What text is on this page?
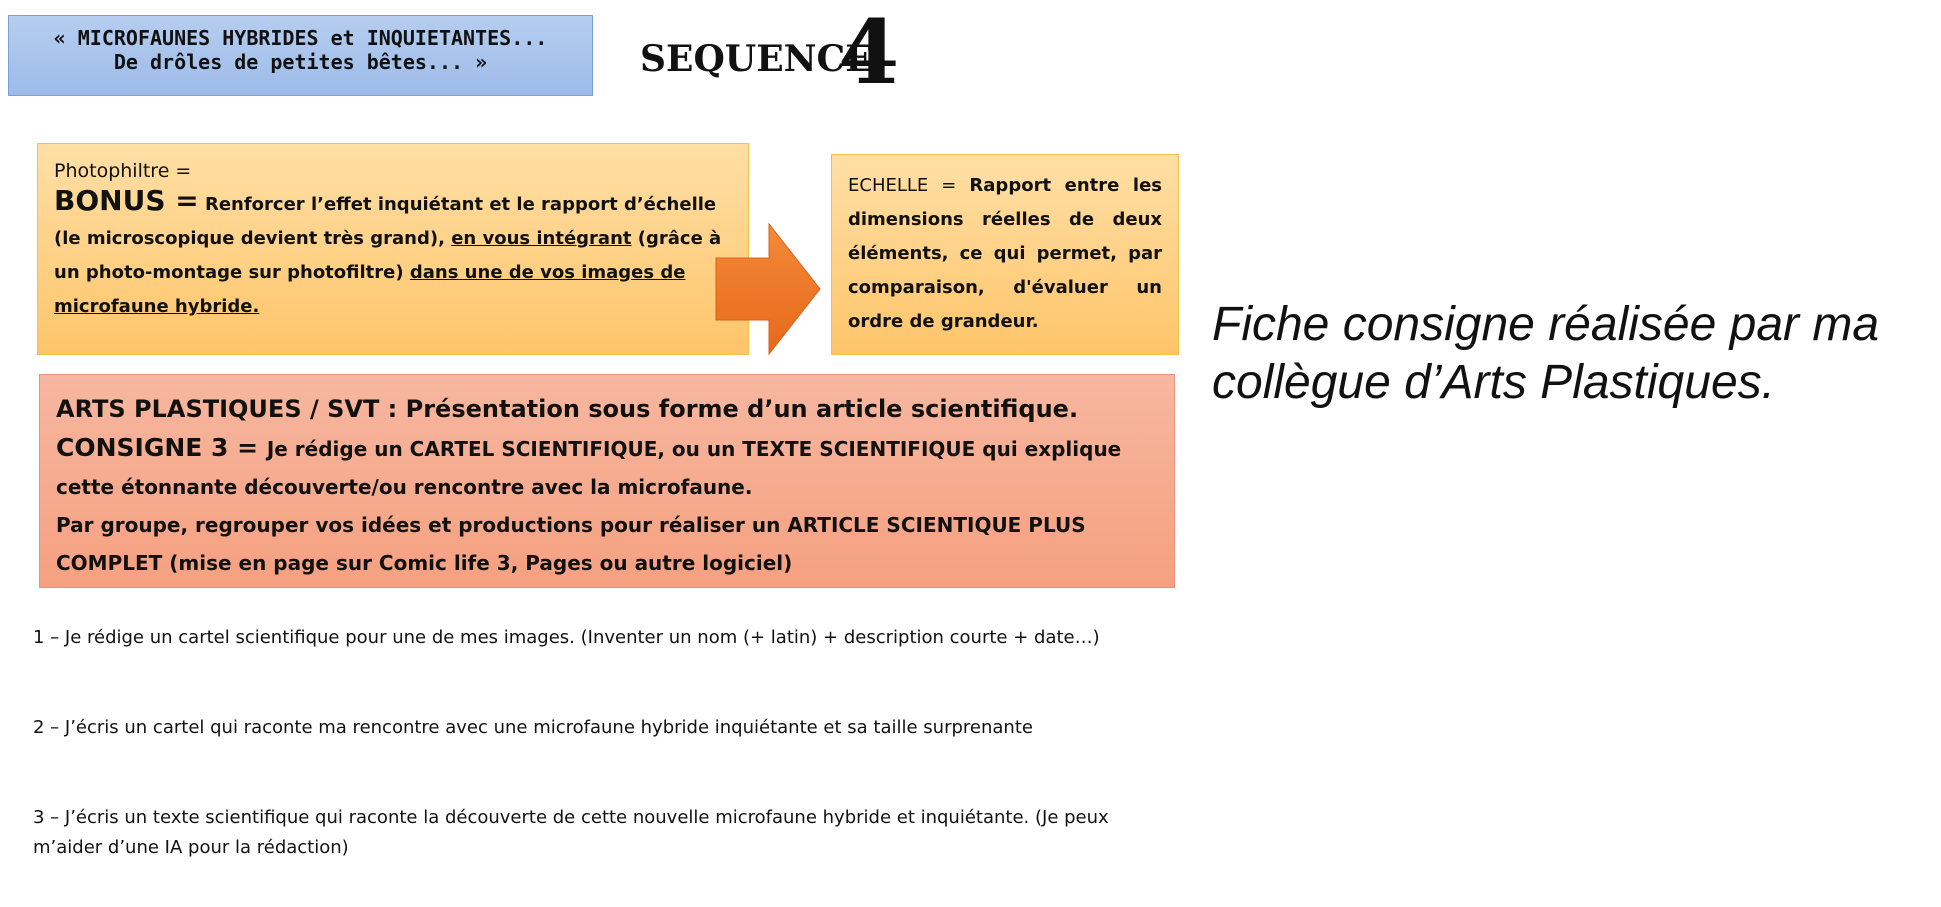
« MICROFAUNES HYBRIDES et INQUIETANTES...
De drôles de petites bêtes... »	SEQUENCE
4
Photophiltre =
BONUS = Renforcer l’effet inquiétant et le rapport d’échelle (le microscopique devient très grand), en vous intégrant (grâce à un photo-montage sur photofiltre) dans une de vos images de microfaune hybride.
ECHELLE = Rapport entre les dimensions réelles de deux éléments, ce qui permet, par comparaison, d'évaluer un ordre de grandeur.
ARTS PLASTIQUES / SVT : Présentation sous forme d’un article scientifique.
CONSIGNE 3 = Je rédige un CARTEL SCIENTIFIQUE, ou un TEXTE SCIENTIFIQUE qui explique cette étonnante découverte/ou rencontre avec la microfaune.
Par groupe, regrouper vos idées et productions pour réaliser un ARTICLE SCIENTIQUE PLUS COMPLET (mise en page sur Comic life 3, Pages ou autre logiciel)
1 – Je rédige un cartel scientifique pour une de mes images. (Inventer un nom (+ latin) + description courte + date…)
2 – J’écris un cartel qui raconte ma rencontre avec une microfaune hybride inquiétante et sa taille surprenante
3 – J’écris un texte scientifique qui raconte la découverte de cette nouvelle microfaune hybride et inquiétante. (Je peux m’aider d’une IA pour la rédaction)
Fiche consigne réalisée par ma collègue d’Arts Plastiques.
